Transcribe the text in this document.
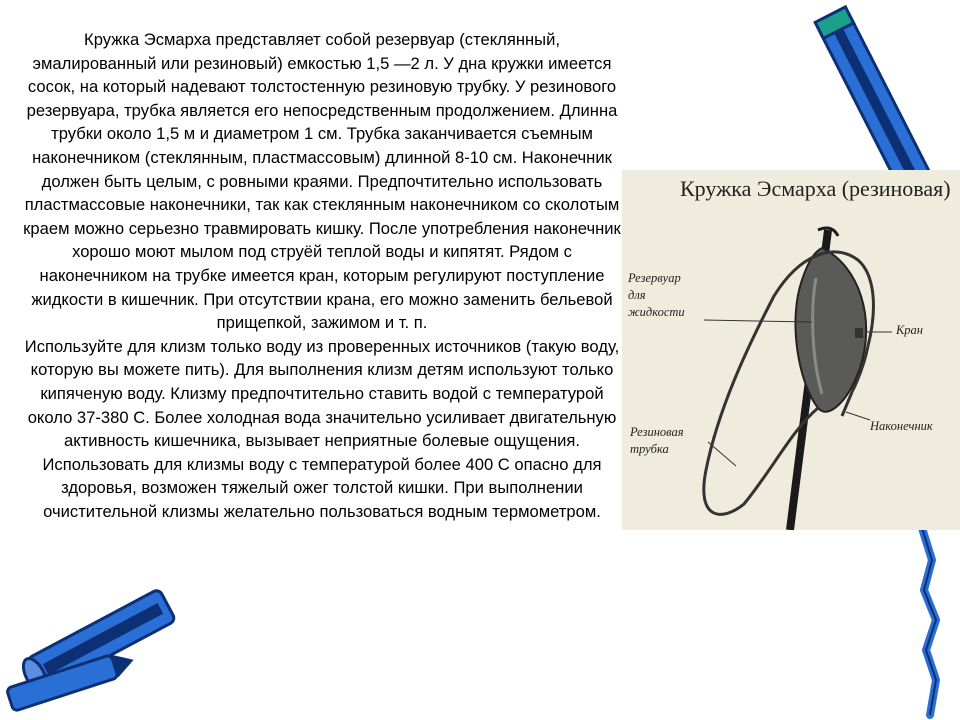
Кружка Эсмарха представляет собой резервуар (стеклянный, эмалированный или резиновый) емкостью 1,5 —2 л. У дна кружки имеется сосок, на который надевают толстостенную резиновую трубку. У резинового резервуара, трубка является его непосредственным продолжением. Длинна трубки около 1,5 м и диаметром 1 см. Трубка заканчивается съемным наконечником (стеклянным, пластмассовым) длинной 8-10 см. Наконечник должен быть целым, с ровными краями. Предпочтительно использовать пластмассовые наконечники, так как стеклянным наконечником со сколотым краем можно серьезно травмировать кишку. После употребления наконечник хорошо моют мылом под струёй теплой воды и кипятят. Рядом с наконечником на трубке имеется кран, которым регулируют поступление жидкости в кишечник. При отсутствии крана, его можно заменить бельевой прищепкой, зажимом и т. п.

Используйте для клизм только воду из проверенных источников (такую воду, которую вы можете пить). Для выполнения клизм детям используют только кипяченую воду. Клизму предпочтительно ставить водой с температурой около 37-380 С. Более холодная вода значительно усиливает двигательную активность кишечника, вызывает неприятные болевые ощущения. Использовать для клизмы воду с температурой более 400 С опасно для здоровья, возможен тяжелый ожег толстой кишки. При выполнении очистительной клизмы желательно пользоваться водным термометром.

Кружка Эсмарха (резиновая)
Резервуар
для
жидкости
Кран
Наконечник
Резиновая
трубка
